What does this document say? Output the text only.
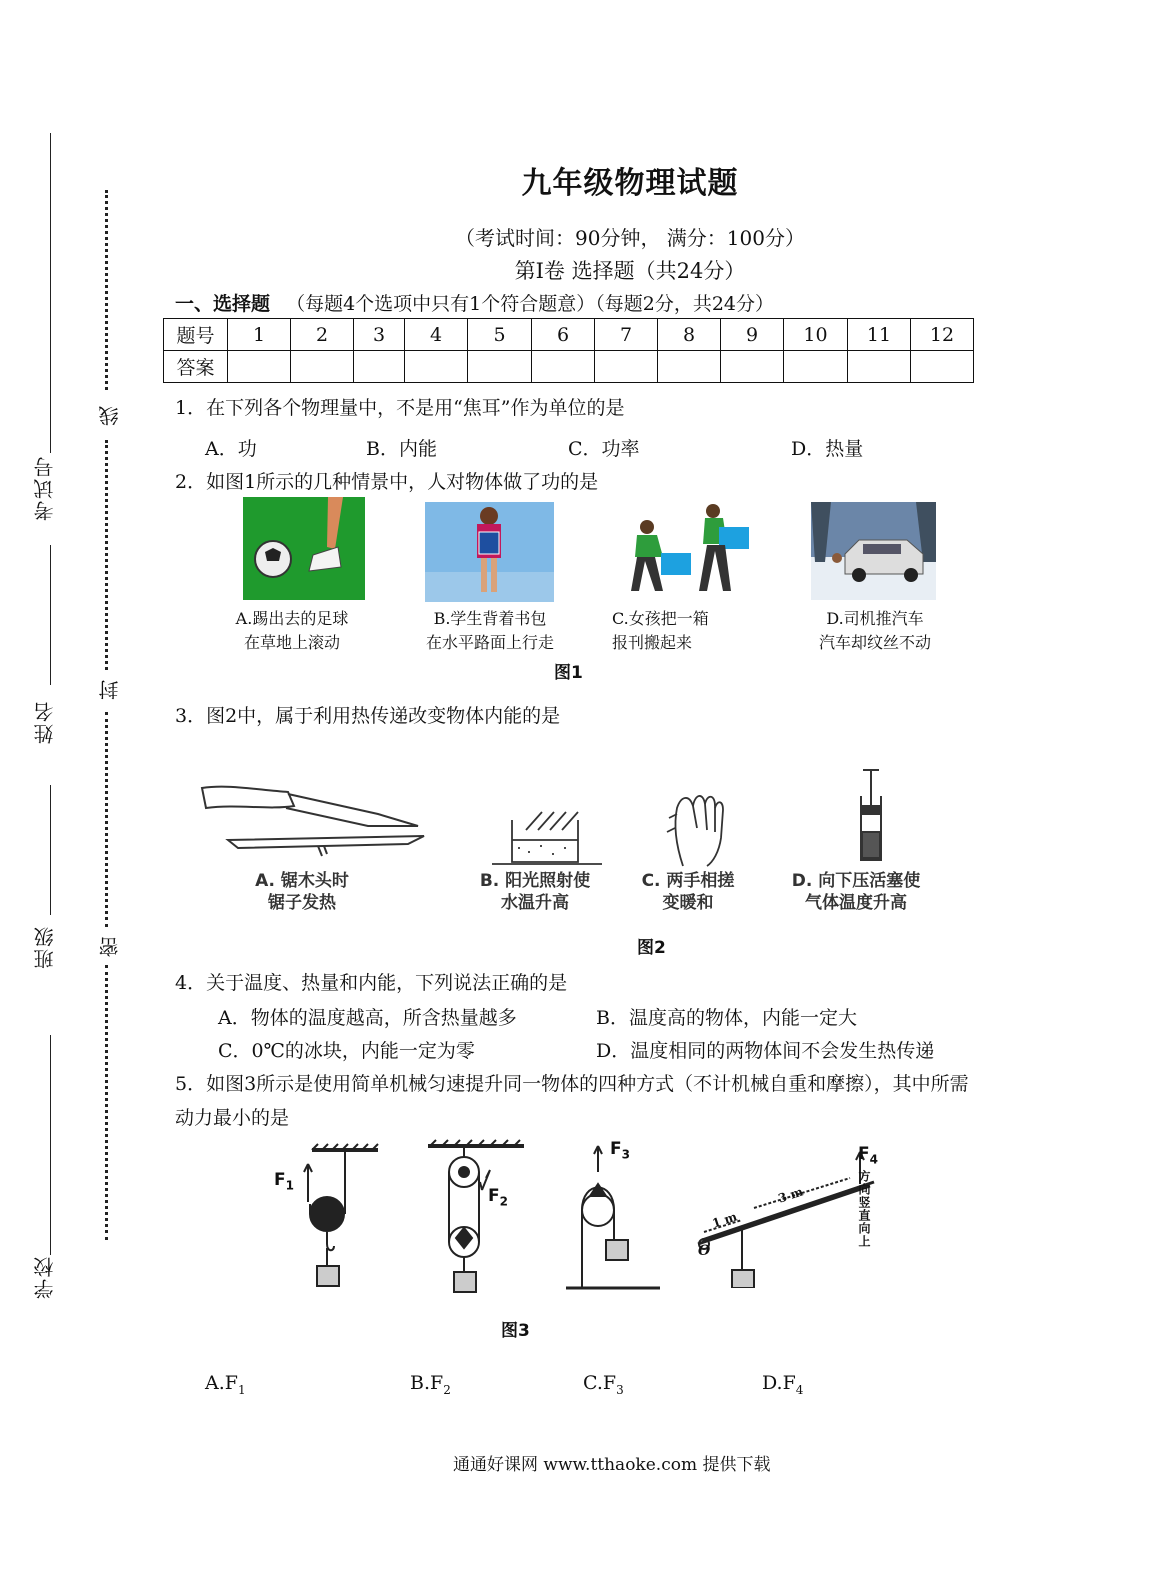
考试号
姓名
班级
学校
线
封
密
九年级物理试题
（考试时间：90分钟， 满分：100分）
第Ⅰ卷 选择题（共24分）
一、选择题 （每题4个选项中只有1个符合题意）（每题2分，共24分）
题号	1	2	3	4	5	6	7	8	9	10	11	12
答案												
1．在下列各个物理量中，不是用“焦耳”作为单位的是
A．功	B．内能	C．功率	D．热量
2．如图1所示的几种情景中，人对物体做了功的是
A.踢出去的足球
在草地上滚动
B.学生背着书包
在水平路面上行走
C.女孩把一箱
报刊搬起来
D.司机推汽车
汽车却纹丝不动
图1
3．图2中，属于利用热传递改变物体内能的是
A. 锯木头时
锯子发热
B. 阳光照射使
水温升高
C. 两手相搓
变暖和
D. 向下压活塞使
气体温度升高
图2
4．关于温度、热量和内能，下列说法正确的是
A．物体的温度越高，所含热量越多	B．温度高的物体，内能一定大
C．0℃的冰块，内能一定为零	D．温度相同的两物体间不会发生热传递
5．如图3所示是使用简单机械匀速提升同一物体的四种方式（不计机械自重和摩擦），其中所需
动力最小的是
$F_1$
$F_2$
$F_3$	$F_4$
1 m
3 m
O
方向竖直向上
图3
$A.F_1$	$B.F_2$	$C.F_3$	$D.F_4$
通通好课网 www.tthaoke.com 提供下载
